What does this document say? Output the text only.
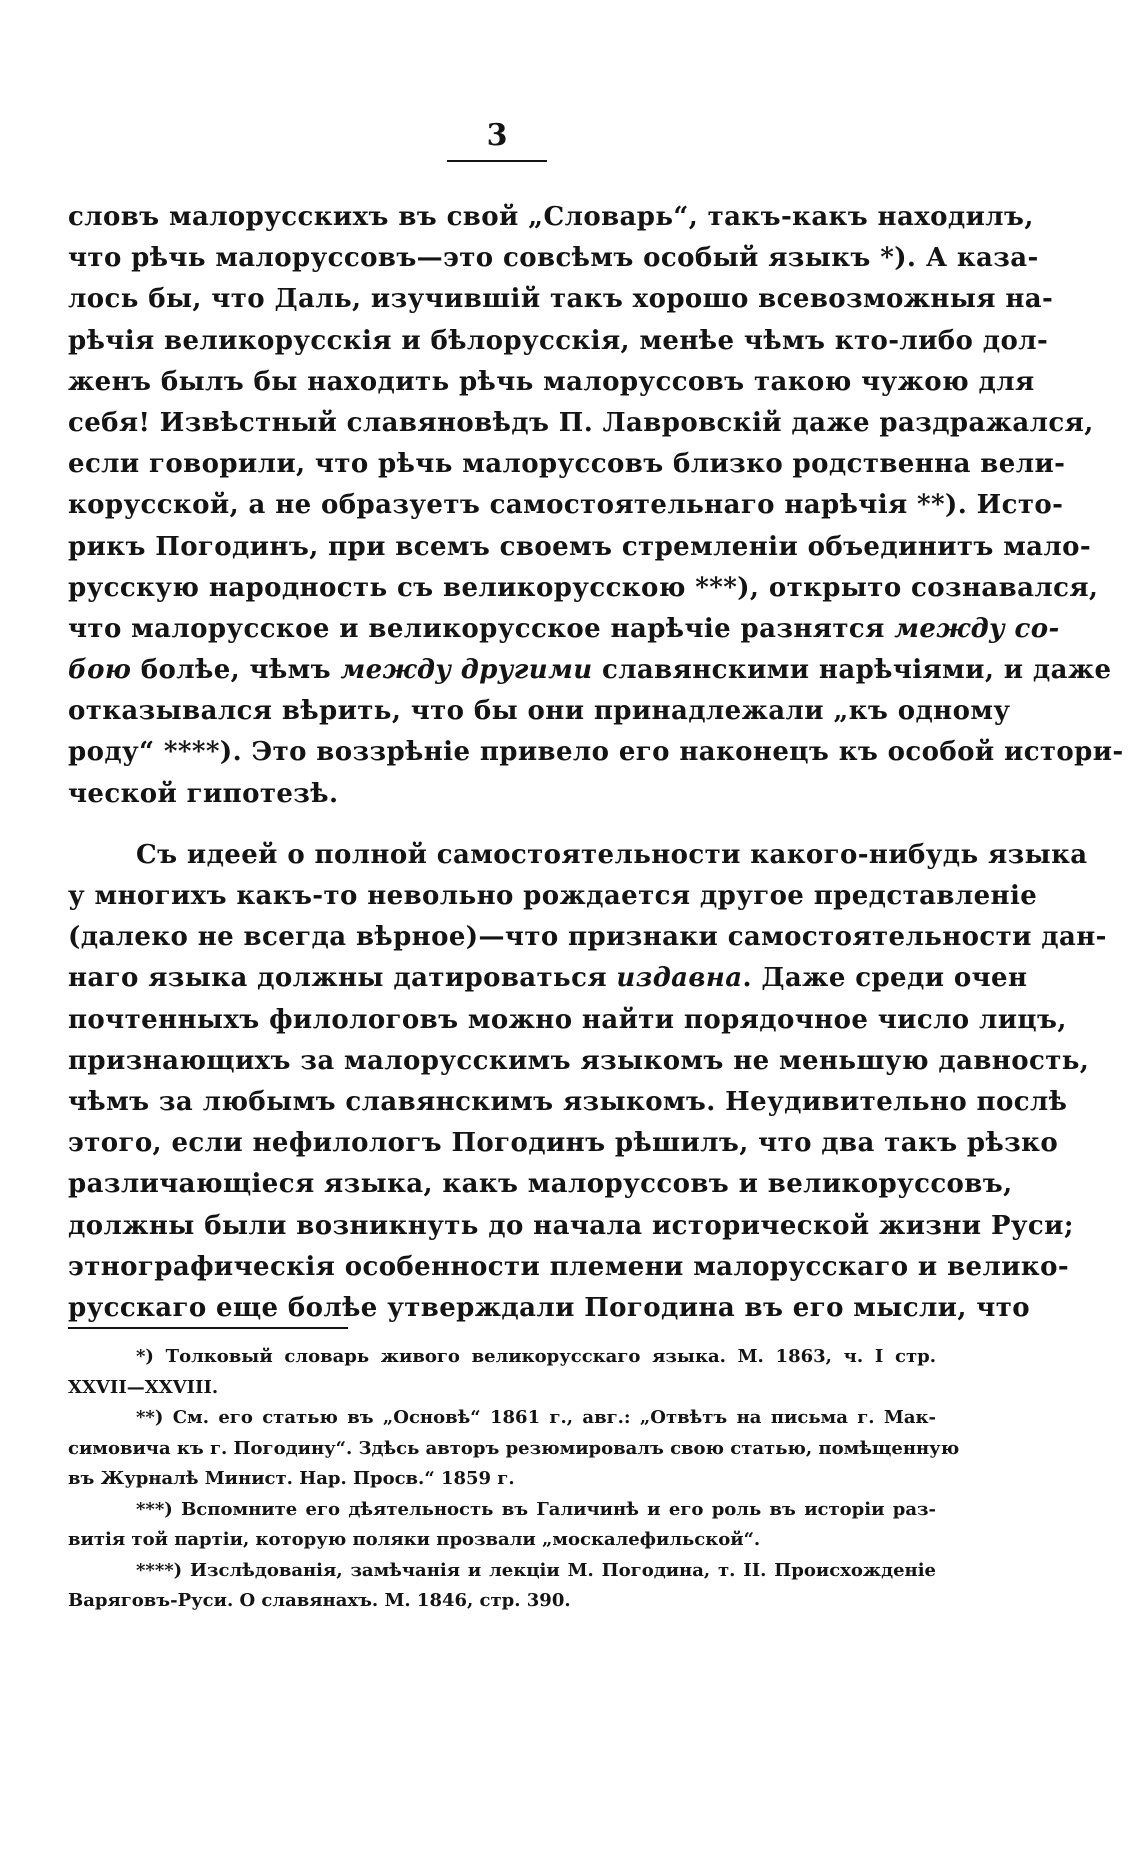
3
словъ малорусскихъ въ свой „Словарь“, такъ-какъ находилъ,
что рѣчь малоруссовъ—это совсѣмъ особый языкъ *). А каза-
лось бы, что Даль, изучившій такъ хорошо всевозможныя на-
рѣчія великорусскія и бѣлорусскія, менѣе чѣмъ кто-либо дол-
женъ былъ бы находить рѣчь малоруссовъ такою чужою для
себя! Извѣстный славяновѣдъ П. Лавровскій даже раздражался,
если говорили, что рѣчь малоруссовъ близко родственна вели-
корусской, а не образуетъ самостоятельнаго нарѣчія **). Исто-
рикъ Погодинъ, при всемъ своемъ стремленіи объединитъ мало-
русскую народность съ великорусскою ***), открыто сознавался,
что малорусское и великорусское нарѣчіе разнятся между со-
бою болѣе, чѣмъ между другими славянскими нарѣчіями, и даже
отказывался вѣрить, что бы они принадлежали „къ одному
роду“ ****). Это воззрѣніе привело его наконецъ къ особой истори-
ческой гипотезѣ.
Съ идеей о полной самостоятельности какого-нибудь языка
у многихъ какъ-то невольно рождается другое представленіе
(далеко не всегда вѣрное)—что признаки самостоятельности дан-
наго языка должны датироваться издавна. Даже среди очен
почтенныхъ филологовъ можно найти порядочное число лицъ,
признающихъ за малорусскимъ языкомъ не меньшую давность,
чѣмъ за любымъ славянскимъ языкомъ. Неудивительно послѣ
этого, если нефилологъ Погодинъ рѣшилъ, что два такъ рѣзко
различающіеся языка, какъ малоруссовъ и великоруссовъ,
должны были возникнуть до начала исторической жизни Руси;
этнографическія особенности племени малорусскаго и велико-
русскаго еще болѣе утверждали Погодина въ его мысли, что
*) Толковый словарь живого великорусскаго языка. М. 1863, ч. I стр.
XXVII—XXVIII.
**) См. его статью въ „Основѣ“ 1861 г., авг.: „Отвѣтъ на письма г. Мак-
симовича къ г. Погодину“. Здѣсь авторъ резюмировалъ свою статью, помѣщенную
въ Журналѣ Минист. Нар. Просв.“ 1859 г.
***) Вспомните его дѣятельность въ Галичинѣ и его роль въ исторіи раз-
витія той партіи, которую поляки прозвали „москалефильской“.
****) Изслѣдованія, замѣчанія и лекціи М. Погодина, т. II. Происхожденіе
Варяговъ-Руси. О славянахъ. М. 1846, стр. 390.
